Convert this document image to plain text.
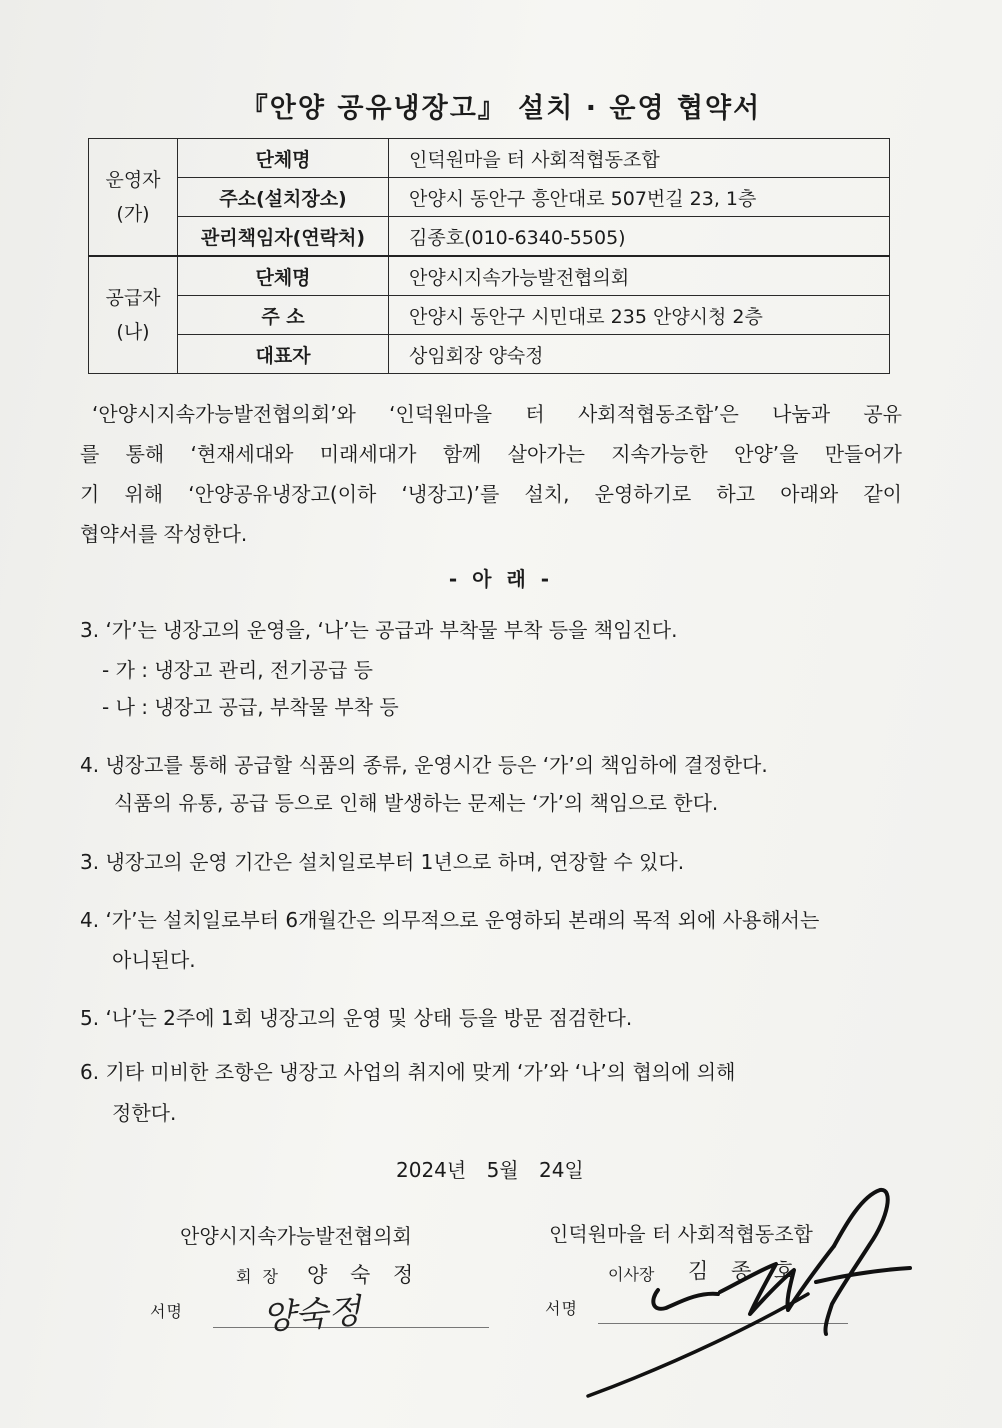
『안양 공유냉장고』 설치 · 운영 협약서
운영자
(가)	단체명	인덕원마을 터 사회적협동조합
	주소(설치장소)	안양시 동안구 흥안대로 507번길 23, 1층
	관리책임자(연락처)	김종호(010-6340-5505)
공급자
(나)	단체명	안양시지속가능발전협의회
	주 소	안양시 동안구 시민대로 235 안양시청 2층
	대표자	상임회장 양숙정
‘안양시지속가능발전협의회’와 ‘인덕원마을 터 사회적협동조합’은 나눔과 공유
를 통해 ‘현재세대와 미래세대가 함께 살아가는 지속가능한 안양’을 만들어가
기 위해 ‘안양공유냉장고(이하 ‘냉장고)’를 설치, 운영하기로 하고 아래와 같이
협약서를 작성한다.
- 아 래 -
3. ‘가’는 냉장고의 운영을, ‘나’는 공급과 부착물 부착 등을 책임진다.
- 가 : 냉장고 관리, 전기공급 등
- 나 : 냉장고 공급, 부착물 부착 등
4. 냉장고를 통해 공급할 식품의 종류, 운영시간 등은 ‘가’의 책임하에 결정한다.
식품의 유통, 공급 등으로 인해 발생하는 문제는 ‘가’의 책임으로 한다.
3. 냉장고의 운영 기간은 설치일로부터 1년으로 하며, 연장할 수 있다.
4. ‘가’는 설치일로부터 6개월간은 의무적으로 운영하되 본래의 목적 외에 사용해서는
아니된다.
5. ‘나’는 2주에 1회 냉장고의 운영 및 상태 등을 방문 점검한다.
6. 기타 미비한 조항은 냉장고 사업의 취지에 맞게 ‘가’와 ‘나’의 협의에 의해
정한다.
2024년 5월 24일
안양시지속가능발전협의회
회 장 양 숙 정
서명 양숙정
인덕원마을 터 사회적협동조합
이사장 김 종 호
서명
